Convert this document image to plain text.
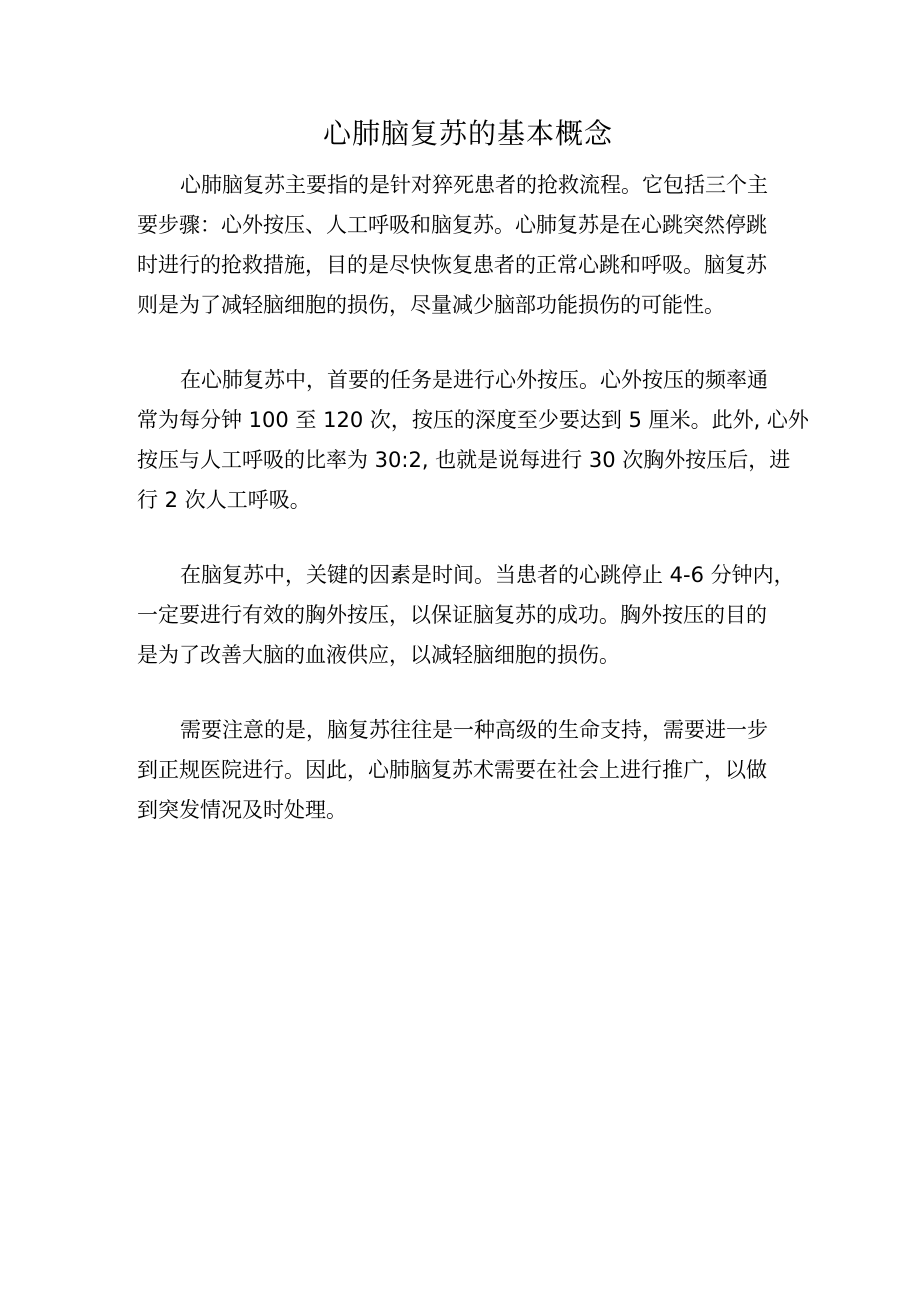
心肺脑复苏的基本概念
心肺脑复苏主要指的是针对猝死患者的抢救流程。它包括三个主
要步骤：心外按压、人工呼吸和脑复苏。心肺复苏是在心跳突然停跳
时进行的抢救措施，目的是尽快恢复患者的正常心跳和呼吸。脑复苏
则是为了减轻脑细胞的损伤，尽量减少脑部功能损伤的可能性。
在心肺复苏中，首要的任务是进行心外按压。心外按压的频率通
常为每分钟 100 至 120 次，按压的深度至少要达到 5 厘米。此外, 心外
按压与人工呼吸的比率为 30:2, 也就是说每进行 30 次胸外按压后，进
行 2 次人工呼吸。
在脑复苏中，关键的因素是时间。当患者的心跳停止 4-6 分钟内，
一定要进行有效的胸外按压，以保证脑复苏的成功。胸外按压的目的
是为了改善大脑的血液供应，以减轻脑细胞的损伤。
需要注意的是，脑复苏往往是一种高级的生命支持，需要进一步
到正规医院进行。因此，心肺脑复苏术需要在社会上进行推广，以做
到突发情况及时处理。
